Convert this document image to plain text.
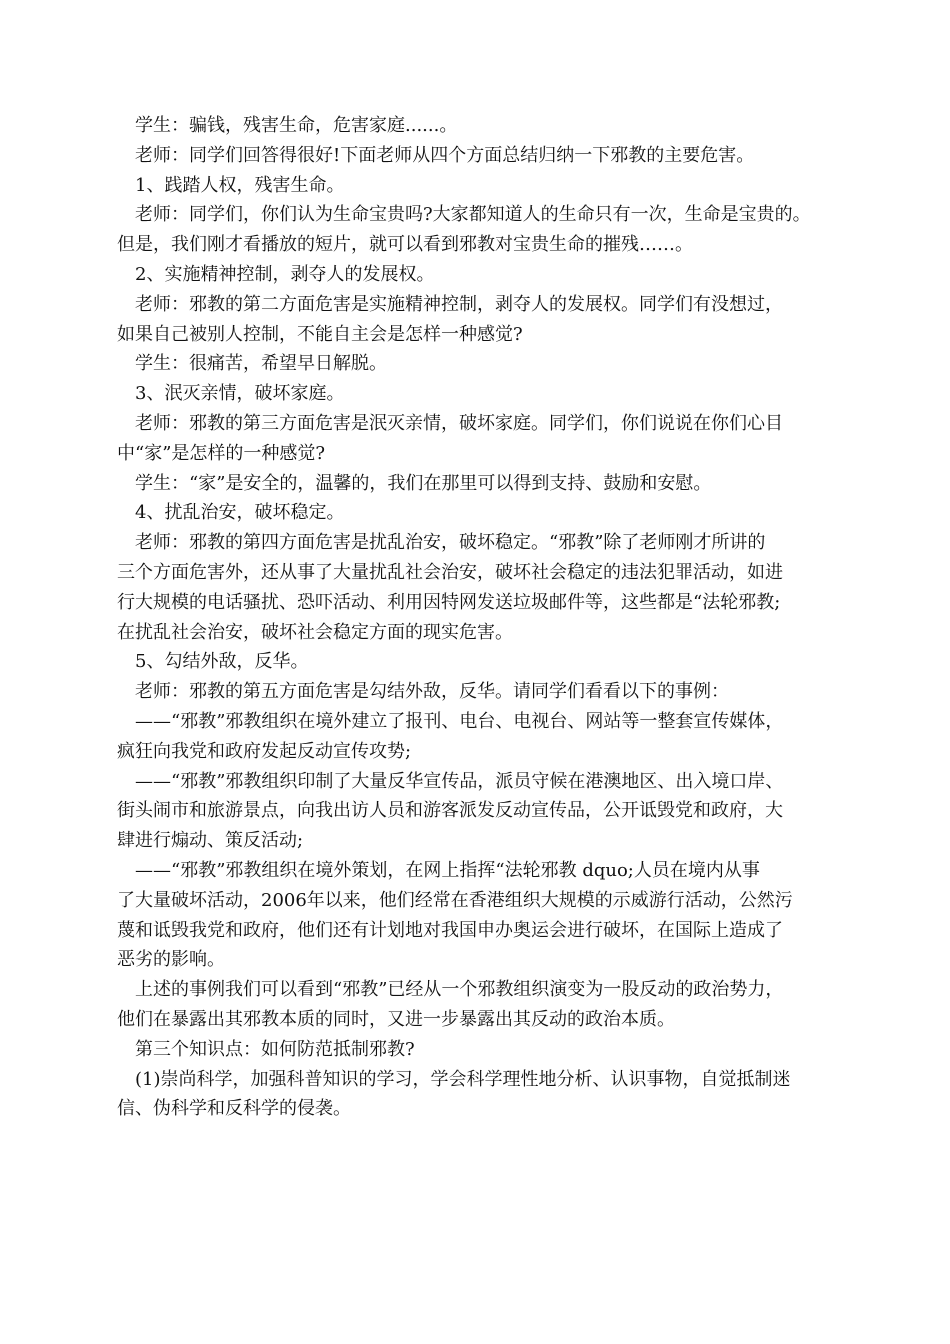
学生：骗钱，残害生命，危害家庭......。
老师：同学们回答得很好!下面老师从四个方面总结归纳一下邪教的主要危害。
1、践踏人权，残害生命。
老师：同学们，你们认为生命宝贵吗?大家都知道人的生命只有一次，生命是宝贵的。
但是，我们刚才看播放的短片，就可以看到邪教对宝贵生命的摧残……。
2、实施精神控制，剥夺人的发展权。
老师：邪教的第二方面危害是实施精神控制，剥夺人的发展权。同学们有没想过，
如果自己被别人控制，不能自主会是怎样一种感觉?
学生：很痛苦，希望早日解脱。
3、泯灭亲情，破坏家庭。
老师：邪教的第三方面危害是泯灭亲情，破坏家庭。同学们，你们说说在你们心目
中“家”是怎样的一种感觉?
学生：“家”是安全的，温馨的，我们在那里可以得到支持、鼓励和安慰。
4、扰乱治安，破坏稳定。
老师：邪教的第四方面危害是扰乱治安，破坏稳定。“邪教”除了老师刚才所讲的
三个方面危害外，还从事了大量扰乱社会治安，破坏社会稳定的违法犯罪活动，如进
行大规模的电话骚扰、恐吓活动、利用因特网发送垃圾邮件等，这些都是“法轮邪教;
在扰乱社会治安，破坏社会稳定方面的现实危害。
5、勾结外敌，反华。
老师：邪教的第五方面危害是勾结外敌，反华。请同学们看看以下的事例：
——“邪教”邪教组织在境外建立了报刊、电台、电视台、网站等一整套宣传媒体，
疯狂向我党和政府发起反动宣传攻势;
——“邪教”邪教组织印制了大量反华宣传品，派员守候在港澳地区、出入境口岸、
街头闹市和旅游景点，向我出访人员和游客派发反动宣传品，公开诋毁党和政府，大
肆进行煽动、策反活动;
——“邪教”邪教组织在境外策划，在网上指挥“法轮邪教 dquo;人员在境内从事
了大量破坏活动，2006年以来，他们经常在香港组织大规模的示威游行活动，公然污
蔑和诋毁我党和政府，他们还有计划地对我国申办奥运会进行破坏，在国际上造成了
恶劣的影响。
上述的事例我们可以看到“邪教”已经从一个邪教组织演变为一股反动的政治势力，
他们在暴露出其邪教本质的同时，又进一步暴露出其反动的政治本质。
第三个知识点：如何防范抵制邪教?
(1)崇尚科学，加强科普知识的学习，学会科学理性地分析、认识事物，自觉抵制迷
信、伪科学和反科学的侵袭。
